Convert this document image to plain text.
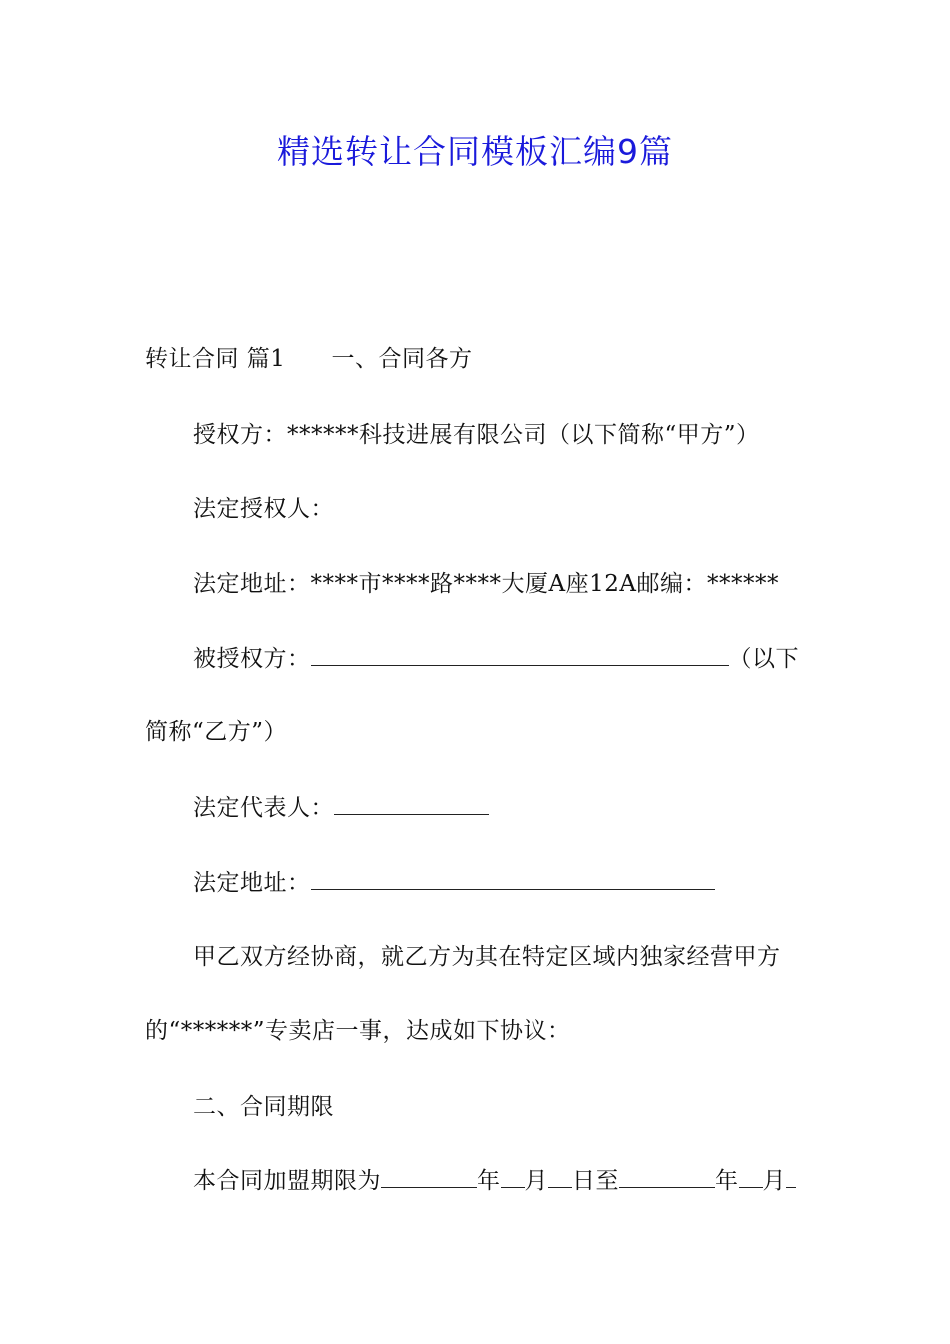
精选转让合同模板汇编9篇
转让合同 篇1 一、合同各方
授权方：******科技进展有限公司（以下简称“甲方”）
法定授权人：
法定地址：****市****路****大厦A座12A邮编：******
被授权方：	（以下
简称“乙方”）
法定代表人：
法定地址：
甲乙双方经协商，就乙方为其在特定区域内独家经营甲方
的“******”专卖店一事，达成如下协议：
二、合同期限
本合同加盟期限为	年 月 日至	年 月
